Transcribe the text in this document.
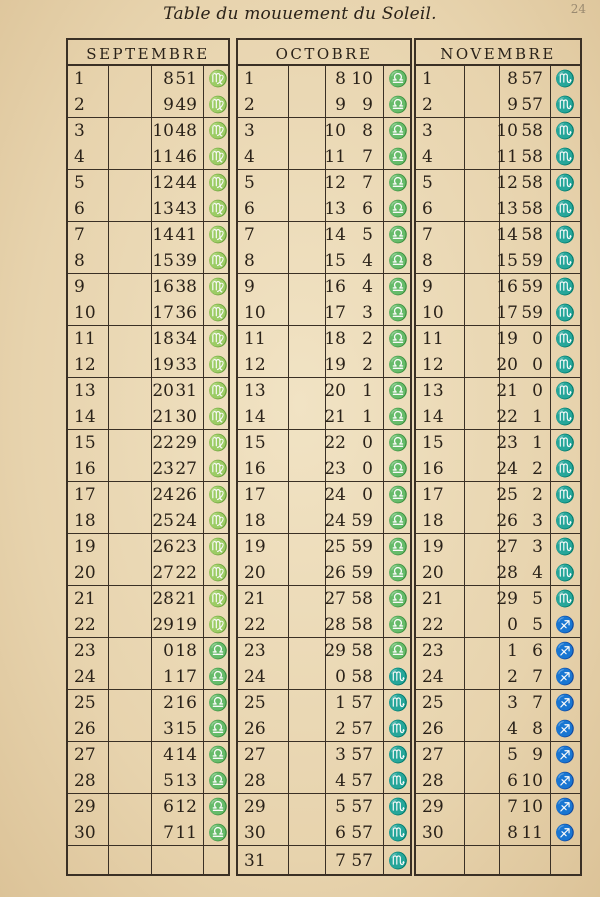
Table du mouuement du Soleil.	24
SEPTEMBRE
1	8 51 ♍
2	9 49 ♍
3	10 48 ♍
4	11 46 ♍
5	12 44 ♍
6	13 43 ♍
7	14 41 ♍
8	15 39 ♍
9	16 38 ♍
10	17 36 ♍
11	18 34 ♍
12	19 33 ♍
13	20 31 ♍
14	21 30 ♍
15	22 29 ♍
16	23 27 ♍
17	24 26 ♍
18	25 24 ♍
19	26 23 ♍
20	27 22 ♍
21	28 21 ♍
22	29 19 ♍
23	0 18 ♎
24	1 17 ♎
25	2 16 ♎
26	3 15 ♎
27	4 14 ♎
28	5 13 ♎
29	6 12 ♎
30	7 11 ♎
OCTOBRE
1	8 10 ♎
2	9 9 ♎
3	10 8 ♎
4	11 7 ♎
5	12 7 ♎
6	13 6 ♎
7	14 5 ♎
8	15 4 ♎
9	16 4 ♎
10	17 3 ♎
11	18 2 ♎
12	19 2 ♎
13	20 1 ♎
14	21 1 ♎
15	22 0 ♎
16	23 0 ♎
17	24 0 ♎
18	24 59 ♎
19	25 59 ♎
20	26 59 ♎
21	27 58 ♎
22	28 58 ♎
23	29 58 ♎
24	0 58 ♏
25	1 57 ♏
26	2 57 ♏
27	3 57 ♏
28	4 57 ♏
29	5 57 ♏
30	6 57 ♏
31	7 57 ♏
NOVEMBRE
1	8 57 ♏
2	9 57 ♏
3	10 58 ♏
4	11 58 ♏
5	12 58 ♏
6	13 58 ♏
7	14 58 ♏
8	15 59 ♏
9	16 59 ♏
10	17 59 ♏
11	19 0 ♏
12	20 0 ♏
13	21 0 ♏
14	22 1 ♏
15	23 1 ♏
16	24 2 ♏
17	25 2 ♏
18	26 3 ♏
19	27 3 ♏
20	28 4 ♏
21	29 5 ♏
22	0 5 ♐
23	1 6 ♐
24	2 7 ♐
25	3 7 ♐
26	4 8 ♐
27	5 9 ♐
28	6 10 ♐
29	7 10 ♐
30	8 11 ♐
